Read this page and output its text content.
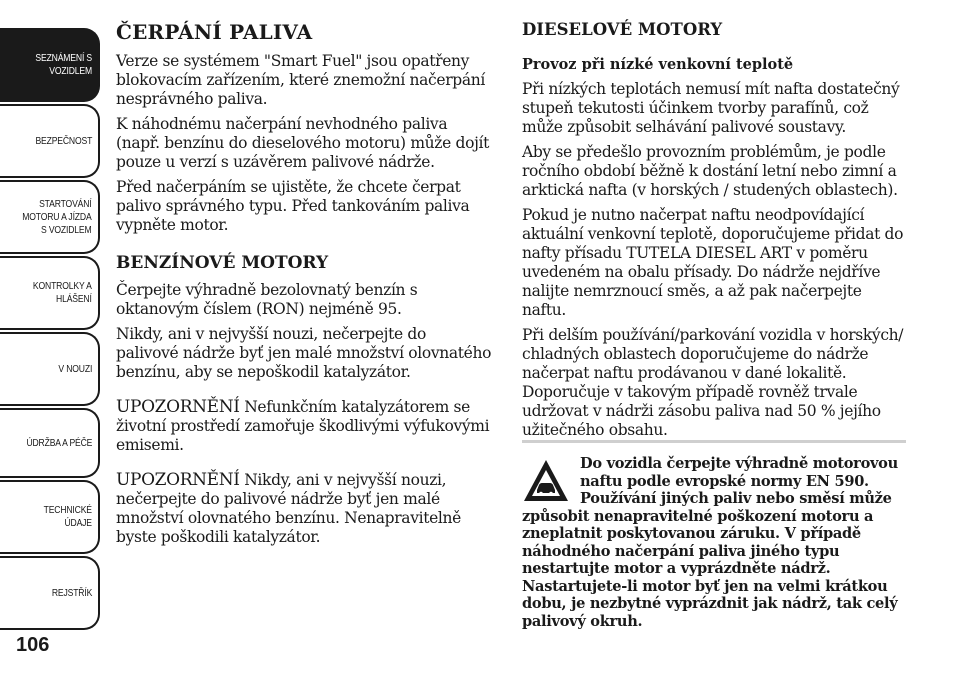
SEZNÁMENÍ S
VOZIDLEM
BEZPEČNOST
STARTOVÁNÍ
MOTORU A JÍZDA
S VOZIDLEM
KONTROLKY A
HLÁŠENÍ
V NOUZI
ÚDRŽBA A PÉČE
TECHNICKÉ
ÚDAJE
REJSTŘÍK
106
ČERPÁNÍ PALIVA

Verze se systémem "Smart Fuel" jsou opatřeny blokovacím zařízením, které znemožní načerpání nesprávného paliva.

K náhodnému načerpání nevhodného paliva (např. benzínu do dieselového motoru) může dojít pouze u verzí s uzávěrem palivové nádrže.

Před načerpáním se ujistěte, že chcete čerpat palivo správného typu. Před tankováním paliva vypněte motor.

BENZÍNOVÉ MOTORY

Čerpejte výhradně bezolovnatý benzín s oktanovým číslem (RON) nejméně 95.

Nikdy, ani v nejvyšší nouzi, nečerpejte do palivové nádrže byť jen malé množství olovnatého benzínu, aby se nepoškodil katalyzátor.

UPOZORNĚNÍ Nefunkčním katalyzátorem se životní prostředí zamořuje škodlivými výfukovými emisemi.

UPOZORNĚNÍ Nikdy, ani v nejvyšší nouzi, nečerpejte do palivové nádrže byť jen malé množství olovnatého benzínu. Nenapravitelně byste poškodili katalyzátor.

DIESELOVÉ MOTORY
Provoz při nízké venkovní teplotě

Při nízkých teplotách nemusí mít nafta dostatečný stupeň tekutosti účinkem tvorby parafínů, což může způsobit selhávání palivové soustavy.

Aby se předešlo provozním problémům, je podle ročního období běžně k dostání letní nebo zimní a arktická nafta (v horských / studených oblastech).

Pokud je nutno načerpat naftu neodpovídající aktuální venkovní teplotě, doporučujeme přidat do nafty přísadu TUTELA DIESEL ART v poměru uvedeném na obalu přísady. Do nádrže nejdříve nalijte nemrznoucí směs, a až pak načerpejte naftu.

Při delším používání/parkování vozidla v horských/ chladných oblastech doporučujeme do nádrže načerpat naftu prodávanou v dané lokalitě. Doporučuje v takovým případě rovněž trvale udržovat v nádrži zásobu paliva nad 50 % jejího užitečného obsahu.

Do vozidla čerpejte výhradně motorovou naftu podle evropské normy EN 590. Používání jiných paliv nebo směsí může způsobit nenapravitelné poškození motoru a zneplatnit poskytovanou záruku. V případě náhodného načerpání paliva jiného typu nestartujte motor a vyprázdněte nádrž. Nastartujete-li motor byť jen na velmi krátkou dobu, je nezbytné vyprázdnit jak nádrž, tak celý palivový okruh.
